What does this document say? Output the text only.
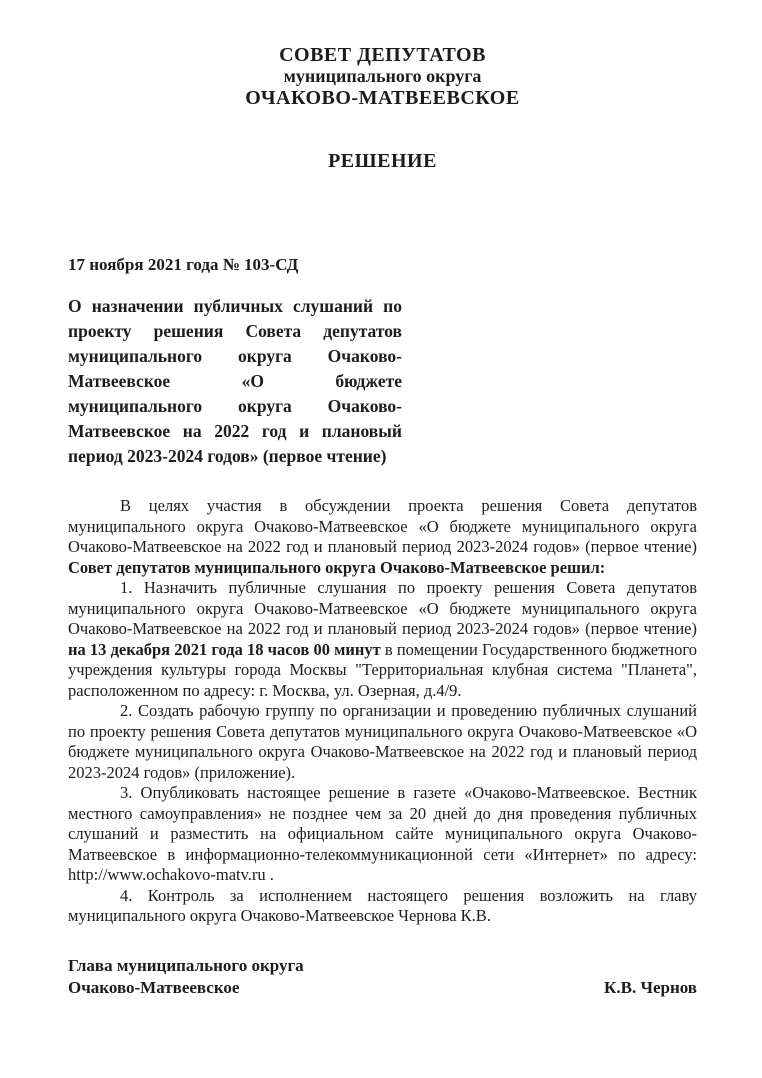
СОВЕТ ДЕПУТАТОВ
муниципального округа
ОЧАКОВО-МАТВЕЕВСКОЕ
РЕШЕНИЕ
17 ноября 2021 года № 103-СД
О назначении публичных слушаний по проекту решения Совета депутатов муниципального округа Очаково-Матвеевское «О бюджете муниципального округа Очаково-Матвеевское на 2022 год и плановый период 2023-2024 годов» (первое чтение)

В целях участия в обсуждении проекта решения Совета депутатов муниципального округа Очаково-Матвеевское «О бюджете муниципального округа Очаково-Матвеевское на 2022 год и плановый период 2023-2024 годов» (первое чтение) Совет депутатов муниципального округа Очаково-Матвеевское решил:

1. Назначить публичные слушания по проекту решения Совета депутатов муниципального округа Очаково-Матвеевское «О бюджете муниципального округа Очаково-Матвеевское на 2022 год и плановый период 2023-2024 годов» (первое чтение) на 13 декабря 2021 года 18 часов 00 минут в помещении Государственного бюджетного учреждения культуры города Москвы "Территориальная клубная система "Планета", расположенном по адресу: г. Москва, ул. Озерная, д.4/9.

2. Создать рабочую группу по организации и проведению публичных слушаний по проекту решения Совета депутатов муниципального округа Очаково-Матвеевское «О бюджете муниципального округа Очаково-Матвеевское на 2022 год и плановый период 2023-2024 годов» (приложение).

3. Опубликовать настоящее решение в газете «Очаково-Матвеевское. Вестник местного самоуправления» не позднее чем за 20 дней до дня проведения публичных слушаний и разместить на официальном сайте муниципального округа Очаково-Матвеевское в информационно-телекоммуникационной сети «Интернет» по адресу: http://www.ochakovo-matv.ru .

4. Контроль за исполнением настоящего решения возложить на главу муниципального округа Очаково-Матвеевское Чернова К.В.

Глава муниципального округа
Очаково-Матвеевское	К.В. Чернов
